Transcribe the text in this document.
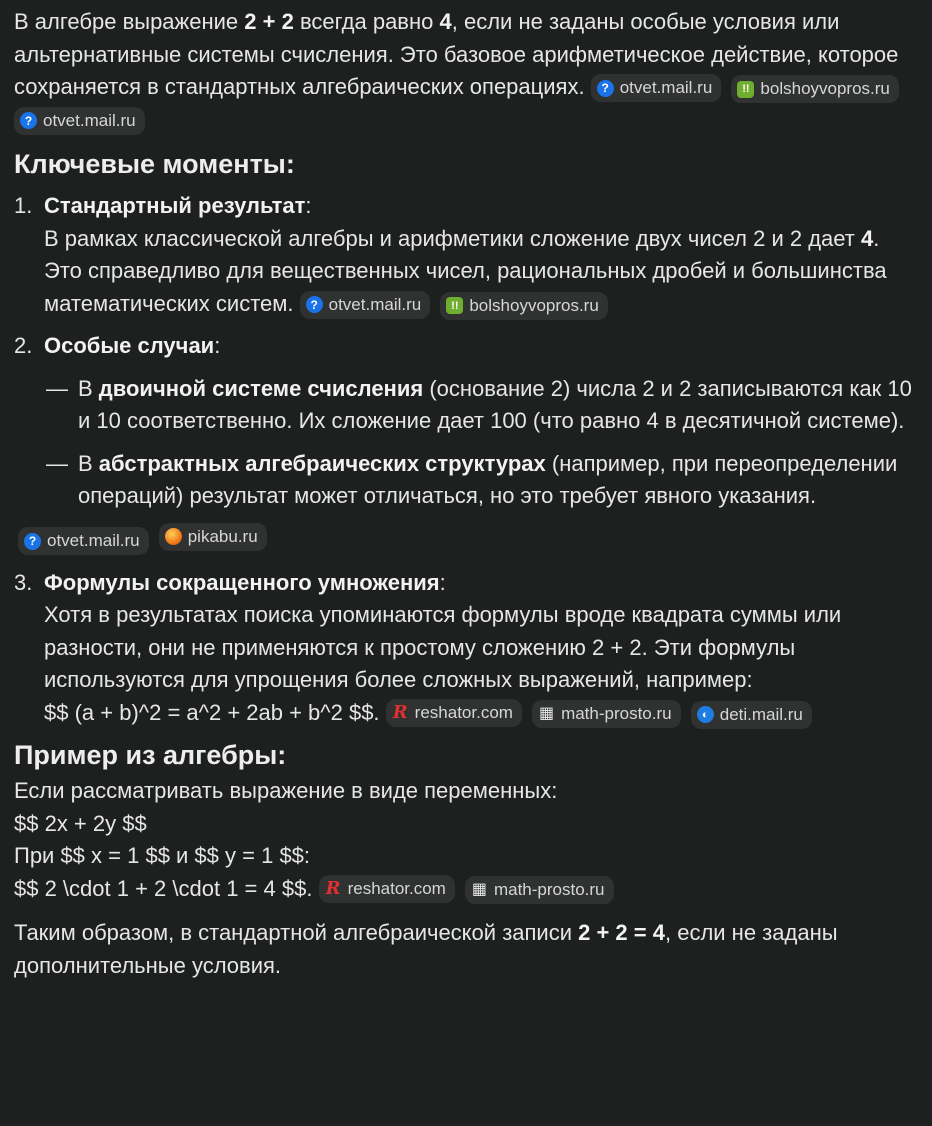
В алгебре выражение 2 + 2 всегда равно 4, если не заданы особые условия или альтернативные системы счисления. Это базовое арифметическое действие, которое сохраняется в стандартных алгебраических операциях.	? otvet.mail.ru
	!! bolshoyvopros.ru

? otvet.mail.ru

Ключевые моменты:
1. Стандартный результат:
В рамках классической алгебры и арифметики сложение двух чисел 2 и 2 дает 4. Это справедливо для вещественных чисел, рациональных дробей и большинства математических систем.	? otvet.mail.ru
	!! bolshoyvopros.ru
2. Особые случаи:
— В двоичной системе счисления (основание 2) числа 2 и 2 записываются как 10 и 10 соответственно. Их сложение дает 100 (что равно 4 в десятичной системе).
— В абстрактных алгебраических структурах (например, при переопределении операций) результат может отличаться, но это требует явного указания.
? otvet.mail.ru
	pikabu.ru
3. Формулы сокращенного умножения:
Хотя в результатах поиска упоминаются формулы вроде квадрата суммы или разности, они не применяются к простому сложению 2 + 2. Эти формулы используются для упрощения более сложных выражений, например:
$$ (a + b)^2 = a^2 + 2ab + b^2 $$. R reshator.com
▦ math-prosto.ru
	◐ deti.mail.ru
Пример из алгебры:

Если рассматривать выражение в виде переменных:

$$ 2x + 2y $$

При $$ x = 1 $$ и $$ y = 1 $$:

$$ 2 \cdot 1 + 2 \cdot 1 = 4 $$. R reshator.com
▦ math-prosto.ru

Таким образом, в стандартной алгебраической записи 2 + 2 = 4, если не заданы дополнительные условия.
